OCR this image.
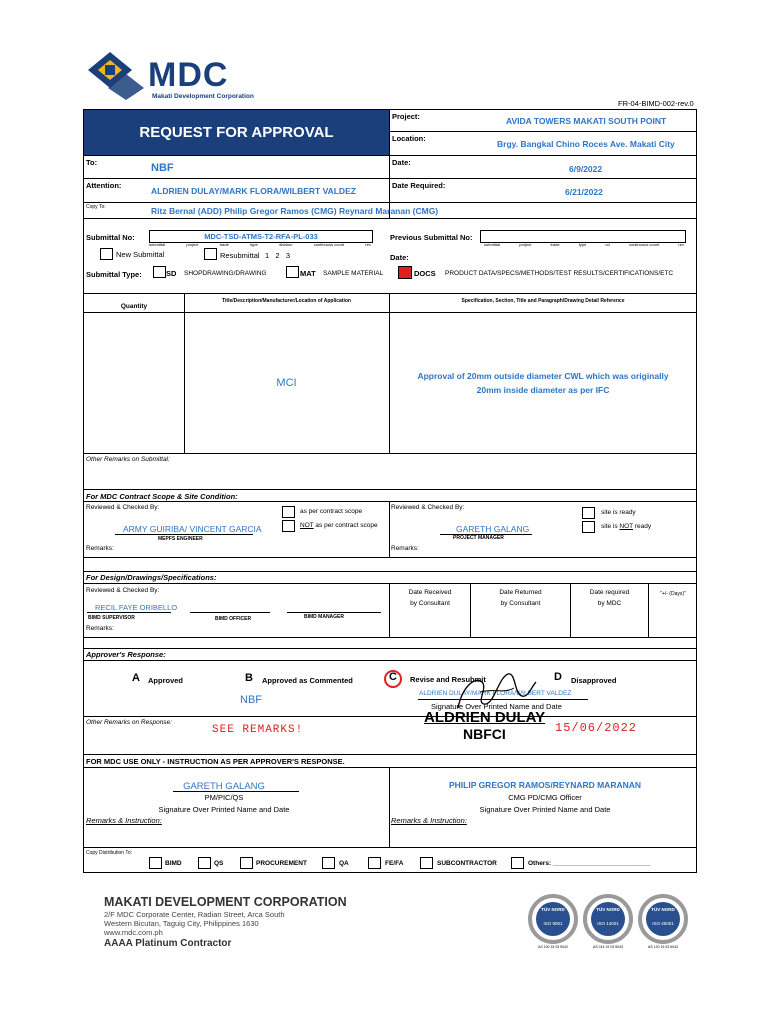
MDC
Makati Development Corporation
FR-04-BIMD-002-rev.0
REQUEST FOR APPROVAL
Project:	AVIDA TOWERS MAKATI SOUTH POINT
Location:
Brgy. Bangkal Chino Roces Ave. Makati City
To:	NBF	Date:
6/9/2022
Attention:
ALDRIEN DULAY/MARK FLORA/WILBERT VALDEZ
Date Required:
6/21/2022
Copy To:	Ritz Bernal (ADD) Philip Gregor Ramos (CMG) Reynard Maranan (CMG)
Submittal No:	MDC-TSD-ATMS-T2-RFA-PL-033
submittal	project	trade	type	division	continuous count	rev
New Submittal	Resubmittal 1   2   3
Previous Submittal No:
submittal	project	trade	type	cd	continuous count	rev
Date:
Submittal Type:	SD SHOPDRAWING/DRAWING	MAT SAMPLE MATERIAL	DOCS PRODUCT DATA/SPECS/METHODS/TEST RESULTS/CERTIFICATIONS/ETC
Quantity
Title/Description/Manufacturer/Location of Application	Specification, Section, Title and Paragraph/Drawing Detail Reference
MCI
Approval of 20mm outside diameter CWL which was originally
20mm inside diameter as per IFC
Other Remarks on Submittal:
For MDC Contract Scope & Site Condition:
Reviewed & Checked By:
as per contract scope
NOT as per contract scope
ARMY GUIRIBA/ VINCENT GARCIA
MEPFS ENGINEER
Remarks:
Reviewed & Checked By:
site is ready
site is NOT ready
GARETH GALANG
PROJECT MANAGER
Remarks:
For Design/Drawings/Specifications:
Reviewed & Checked By:
RECIL FAYE ORIBELLO
BIMD SUPERVISOR	BIMD OFFICER	BIMD MANAGER
Remarks:
Date Received
by Consultant
Date Returned
by Consultant
Date required
by MDC
"+/- (Days)"
Approver's Response:
A Approved	B Approved as Commented	C Revise and Resubmit	D Disapproved
NBF
ALDRIEN DULAY/MARK FLORA/WILBERT VALDEZ
Signature Over Printed Name and Date
Other Remarks on Response:
SEE REMARKS!
ALDRIEN DULAY
NBFCI	15/06/2022
FOR MDC USE ONLY - INSTRUCTION AS PER APPROVER'S RESPONSE.
GARETH GALANG
PM/PIC/QS
Signature Over Printed Name and Date
Remarks & Instruction:
PHILIP GREGOR RAMOS/REYNARD MARANAN
CMG PD/CMG Officer
Signature Over Printed Name and Date
Remarks & Instruction:
Copy Distribution To:
BIMD	QS	PROCUREMENT	QA	FE/FA	SUBCONTRACTOR	Others: ___________________________
MAKATI DEVELOPMENT CORPORATION
2/F MDC Corporate Center, Radian Street, Arca South
Western Bicutan, Taguig City, Philippines 1630
www.mdc.com.ph
AAAA Platinum Contractor
TÜV NORD
ISO 9001
AS 100 19 03 5042
TÜV NORD
ISO 14001
AS 014 19 03 5043
TÜV NORD
ISO 45001
AS 120 19 03 5043
